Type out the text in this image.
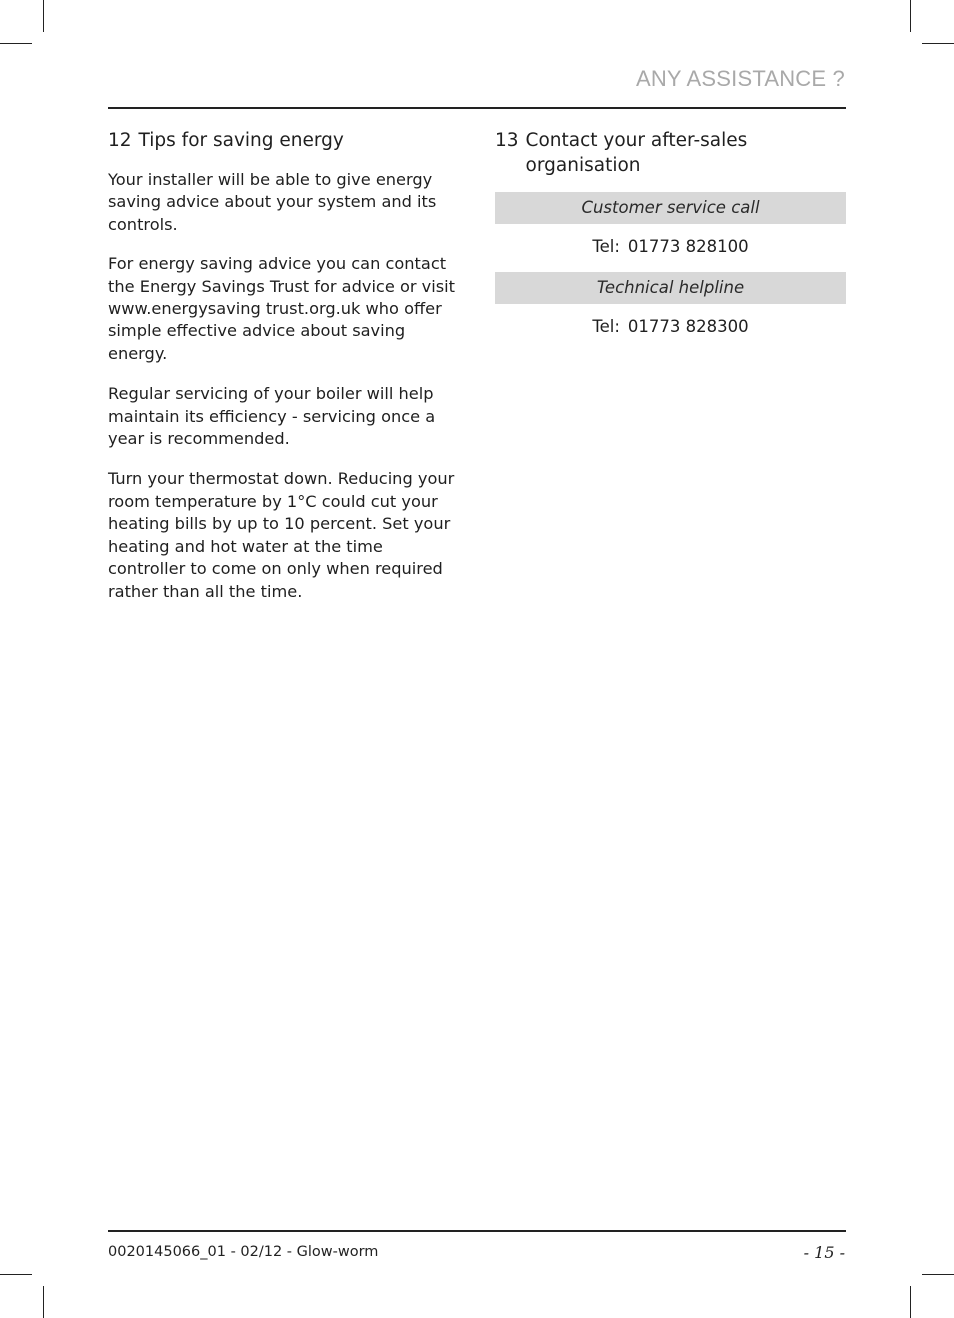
ANY ASSISTANCE ?
12 Tips for saving energy

Your installer will be able to give energy saving advice about your system and its controls.

For energy saving advice you can contact the Energy Savings Trust for advice or visit www.energysaving trust.org.uk who offer simple effective advice about saving energy.

Regular servicing of your boiler will help maintain its efficiency - servicing once a year is recommended.

Turn your thermostat down. Reducing your room temperature by 1°C could cut your heating bills by up to 10 percent. Set your heating and hot water at the time controller to come on only when required rather than all the time.

13 Contact your after-sales organisation
Customer service call
Tel: 01773 828100
Technical helpline
Tel: 01773 828300
0020145066_01 - 02/12 - Glow-worm	- 15 -
